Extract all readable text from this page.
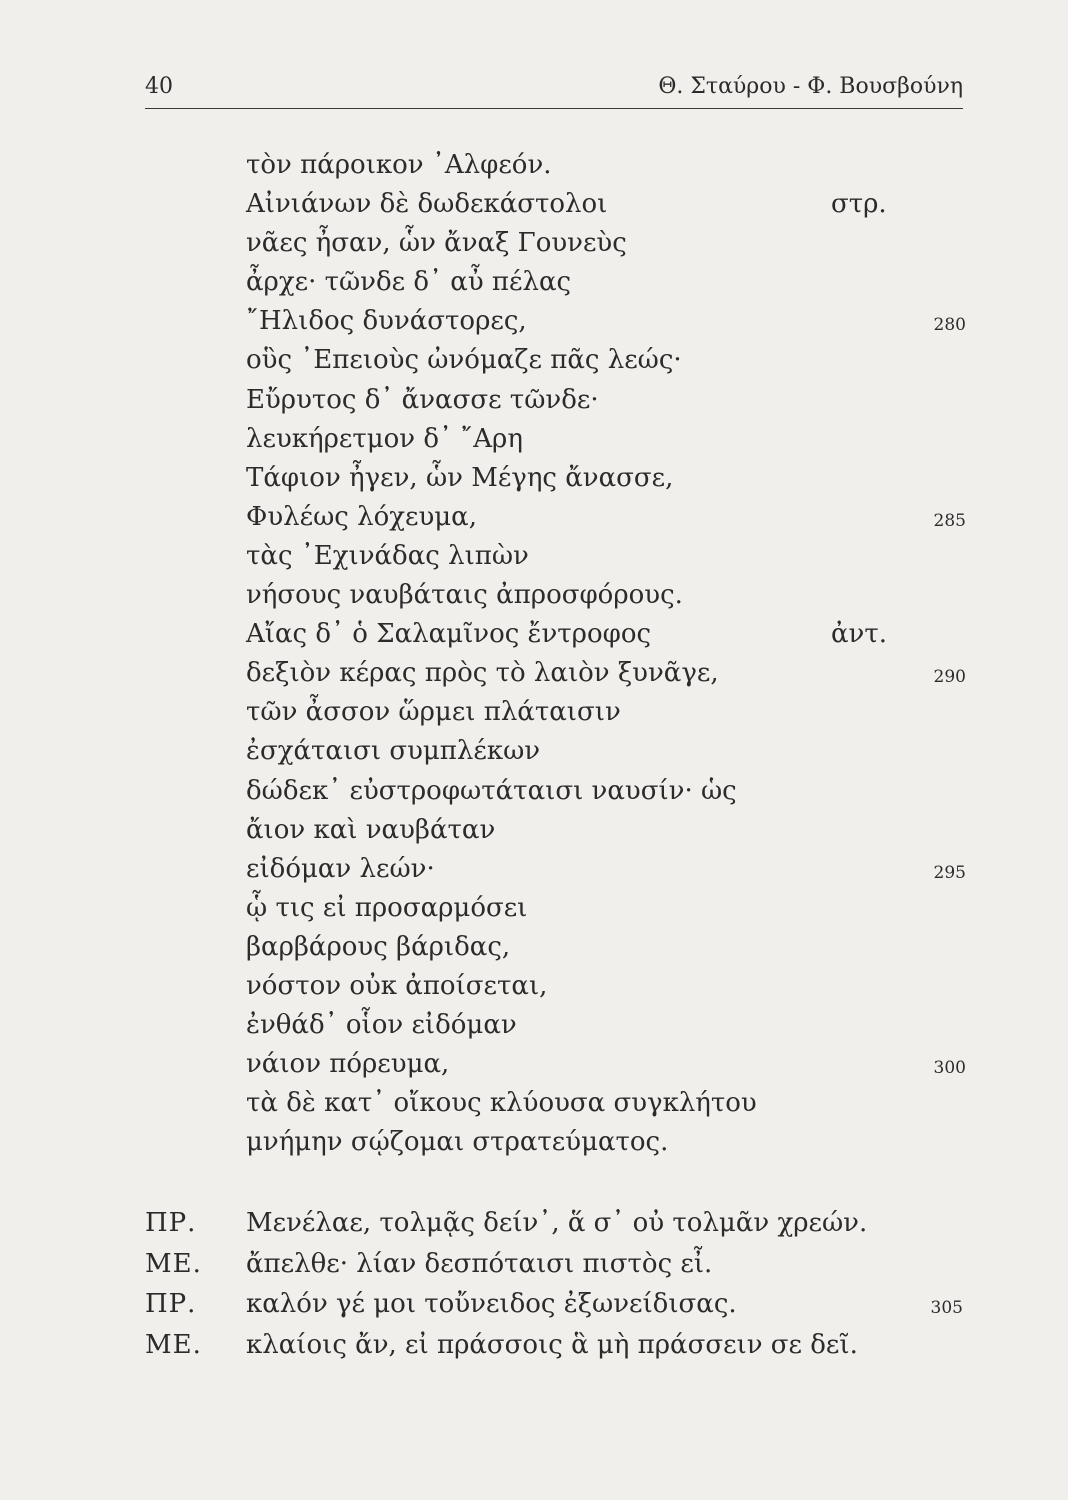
40	Θ. Σταύρου - Φ. Βουσβούνη
τὸν πάροικον ᾿Αλφεόν.
Αἰνιάνων δὲ δωδεκάστολοι	στρ.
νᾶες ἦσαν, ὧν ἄναξ Γουνεὺς
ἆρχε· τῶνδε δ᾿ αὖ πέλας
῎Ηλιδος δυνάστορες,	280
οὓς ᾿Επειοὺς ὠνόμαζε πᾶς λεώς·
Εὔρυτος δ᾿ ἄνασσε τῶνδε·
λευκήρετμον δ᾿ ῎Αρη
Τάφιον ἦγεν, ὧν Μέγης ἄνασσε,
Φυλέως λόχευμα,	285
τὰς ᾿Εχινάδας λιπὼν
νήσους ναυβάταις ἀπροσφόρους.
Αἴας δ᾿ ὁ Σαλαμῖνος ἔντροφος	ἀντ.
δεξιὸν κέρας πρὸς τὸ λαιὸν ξυνᾶγε,	290
τῶν ἆσσον ὥρμει πλάταισιν
ἐσχάταισι συμπλέκων
δώδεκ᾿ εὐστροφωτάταισι ναυσίν· ὡς
ἄιον καὶ ναυβάταν
εἰδόμαν λεών·	295
ᾧ τις εἰ προσαρμόσει
βαρβάρους βάριδας,
νόστον οὐκ ἀποίσεται,
ἐνθάδ᾿ οἷον εἰδόμαν
νάιον πόρευμα,	300
τὰ δὲ κατ᾿ οἴκους κλύουσα συγκλήτου
μνήμην σῴζομαι στρατεύματος.
ΠΡ. Μενέλαε, τολμᾷς δείν᾿, ἅ σ᾿ οὐ τολμᾶν χρεών.
ΜΕ. ἄπελθε· λίαν δεσπόταισι πιστὸς εἶ.
ΠΡ. καλόν γέ μοι τοὔνειδος ἐξωνείδισας.	305
ΜΕ. κλαίοις ἄν, εἰ πράσσοις ἃ μὴ πράσσειν σε δεῖ.
